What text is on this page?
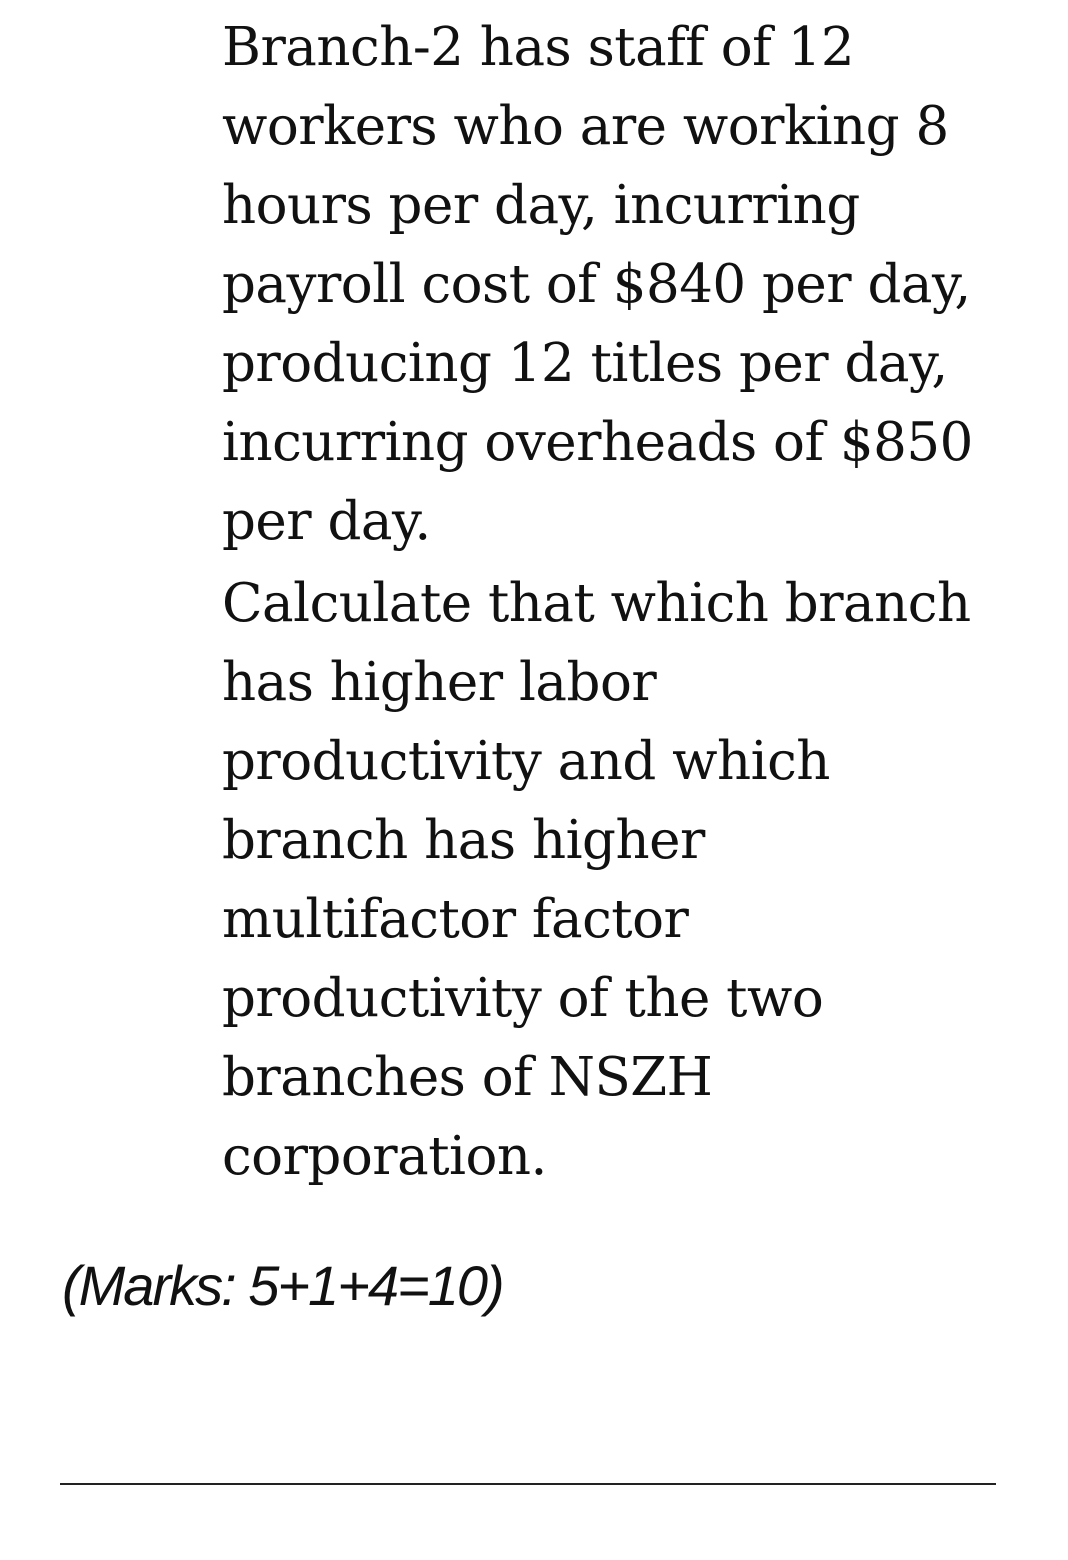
Branch-2 has staff of 12
workers who are working 8
hours per day, incurring
payroll cost of $840 per day,
producing 12 titles per day,
incurring overheads of $850
per day.

Calculate that which branch
has higher labor
productivity and which
branch has higher
multifactor factor
productivity of the two
branches of NSZH
corporation.

(Marks: 5+1+4=10)
